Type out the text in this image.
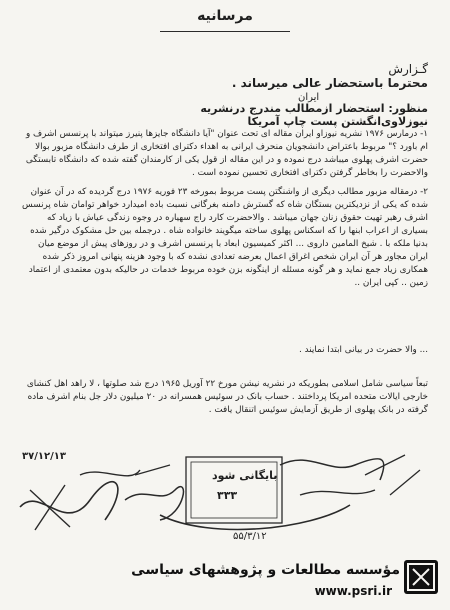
مرسانیه
گـزارش
محترما باستحضار عالی میرساند .
ایران
منظور: استحضار ازمطالب مندرج درنشریه نیوزلاوی‌انگشتن پست چاپ آمریکا

۱- درمارس ۱۹۷۶ نشریه نیوزاو ایران مقاله ای تحت عنوان "آیا دانشگاه جایزها پنیرز میتواند با پرنسس اشرف و ام باورد ؟" مربوط باعتراض دانشجویان منحرف ایرانی به اهداء دکترای افتخاری از طرف دانشگاه مزبور بوالا حضرت اشرف پهلوی میباشد درج نموده و در این مقاله از قول یکی از کارمندان گفته شده که دانشگاه تابستگی والاحضرت را بخاطر گرفتن دکترای افتخاری تحسین نموده است .

۲- درمقاله مزبور مطالب دیگری از واشنگتن پست مربوط بمورخه ۲۳ فوریه ۱۹۷۶ درج گردیده که در آن عنوان شده که یکی از نزدیکترین بستگان شاه که گسترش دامنه بغرگانی نسبت باده امیدارد خواهر توامان شاه پرنسس اشرف رهبر تهیت حقوق زنان جهان میباشد . والاحضرت کارد راج سهیاره در وجوه زندگی عیاش با زیاد که بسیاری از اعراب ابنها را که اسکناس پهلوی ساخته میگویند خانواده شاه . درجمله بین حل مشکوک درگیر شده بدنیا ملکه با . شیخ المامین داروی ... اکثر کمیسیون ابعاد با پرنسس اشرف و در روزهای پیش از موضع میان ایران مجاور هر آن ایران شخص اغراق اعمال بعرضه تعدادی نشده که با وجود هزینه پنهانی امروز ذکر شده همکاری زیاد جمع نماید و هر گونه مسئله از اینگونه بزن خوده مربوط خدمات در حالیکه بدون معتمدی از اعتماد زمین .. کپی ایران ..

... والا حضرت در بیانی ابتدا نمایند .

تبعاً سیاسی شامل اسلامی بطوریکه در نشریه نیشن مورخ ۲۲ آوریل ۱۹۶۵ درج شد صلوتها ، لا راهد اهل کنشای خارجی ایالات متحده امریکا پرداختند . حساب بانک در سوئیس همسرانه در ۲۰ میلیون دلار جل بنام اشرف ماده گرفته در بانک پهلوی از طریق آزمایش سوئیس اتنقال یافت .

۳۷/۱۲/۱۳
بایگانی شود
۳۳۳
۵۵/۳/۱۲
مؤسسه مطالعات و پژوهشهای سیاسی
www.psri.ir
